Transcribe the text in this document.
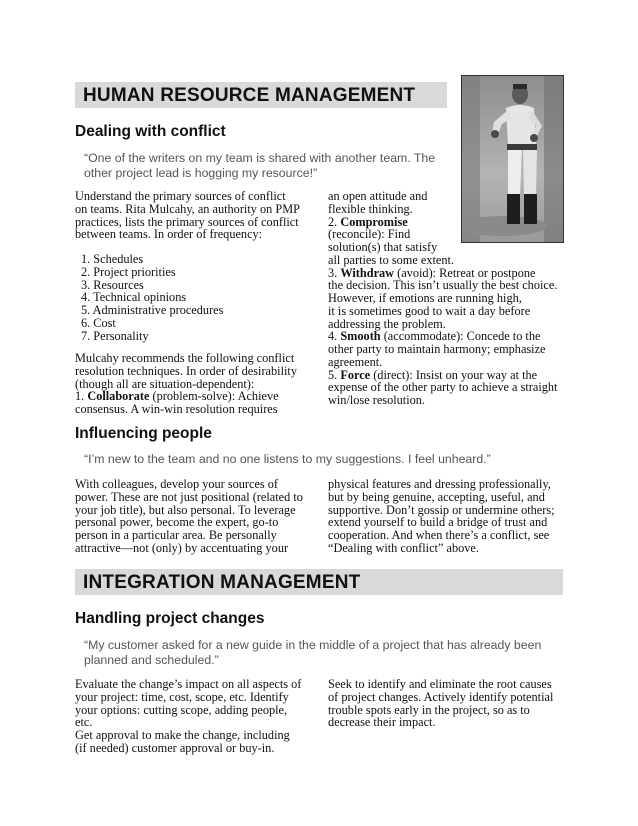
HUMAN RESOURCE MANAGEMENT
Dealing with conflict
“One of the writers on my team is shared with another team. The
other project lead is hogging my resource!”
Understand the primary sources of conflict
on teams. Rita Mulcahy, an authority on PMP
practices, lists the primary sources of conflict
between teams. In order of frequency:
1. Schedules
2. Project priorities
3. Resources
4. Technical opinions
5. Administrative procedures
6. Cost
7. Personality
Mulcahy recommends the following conflict
resolution techniques. In order of desirability
(though all are situation-dependent):
1. Collaborate (problem-solve): Achieve
consensus. A win-win resolution requires
an open attitude and
flexible thinking.
2. Compromise
(reconcile): Find
solution(s) that satisfy
all parties to some extent.
3. Withdraw (avoid): Retreat or postpone
the decision. This isn’t usually the best choice.
However, if emotions are running high,
it is sometimes good to wait a day before
addressing the problem.
4. Smooth (accommodate): Concede to the
other party to maintain harmony; emphasize
agreement.
5. Force (direct): Insist on your way at the
expense of the other party to achieve a straight
win/lose resolution.
Influencing people
“I’m new to the team and no one listens to my suggestions. I feel unheard.”
With colleagues, develop your sources of
power. These are not just positional (related to
your job title), but also personal. To leverage
personal power, become the expert, go-to
person in a particular area. Be personally
attractive—not (only) by accentuating your
physical features and dressing professionally,
but by being genuine, accepting, useful, and
supportive. Don’t gossip or undermine others;
extend yourself to build a bridge of trust and
cooperation. And when there’s a conflict, see
“Dealing with conflict” above.
INTEGRATION MANAGEMENT
Handling project changes
“My customer asked for a new guide in the middle of a project that has already been
planned and scheduled.”
Evaluate the change’s impact on all aspects of
your project: time, cost, scope, etc. Identify
your options: cutting scope, adding people,
etc.
Get approval to make the change, including
(if needed) customer approval or buy-in.
Seek to identify and eliminate the root causes
of project changes. Actively identify potential
trouble spots early in the project, so as to
decrease their impact.
